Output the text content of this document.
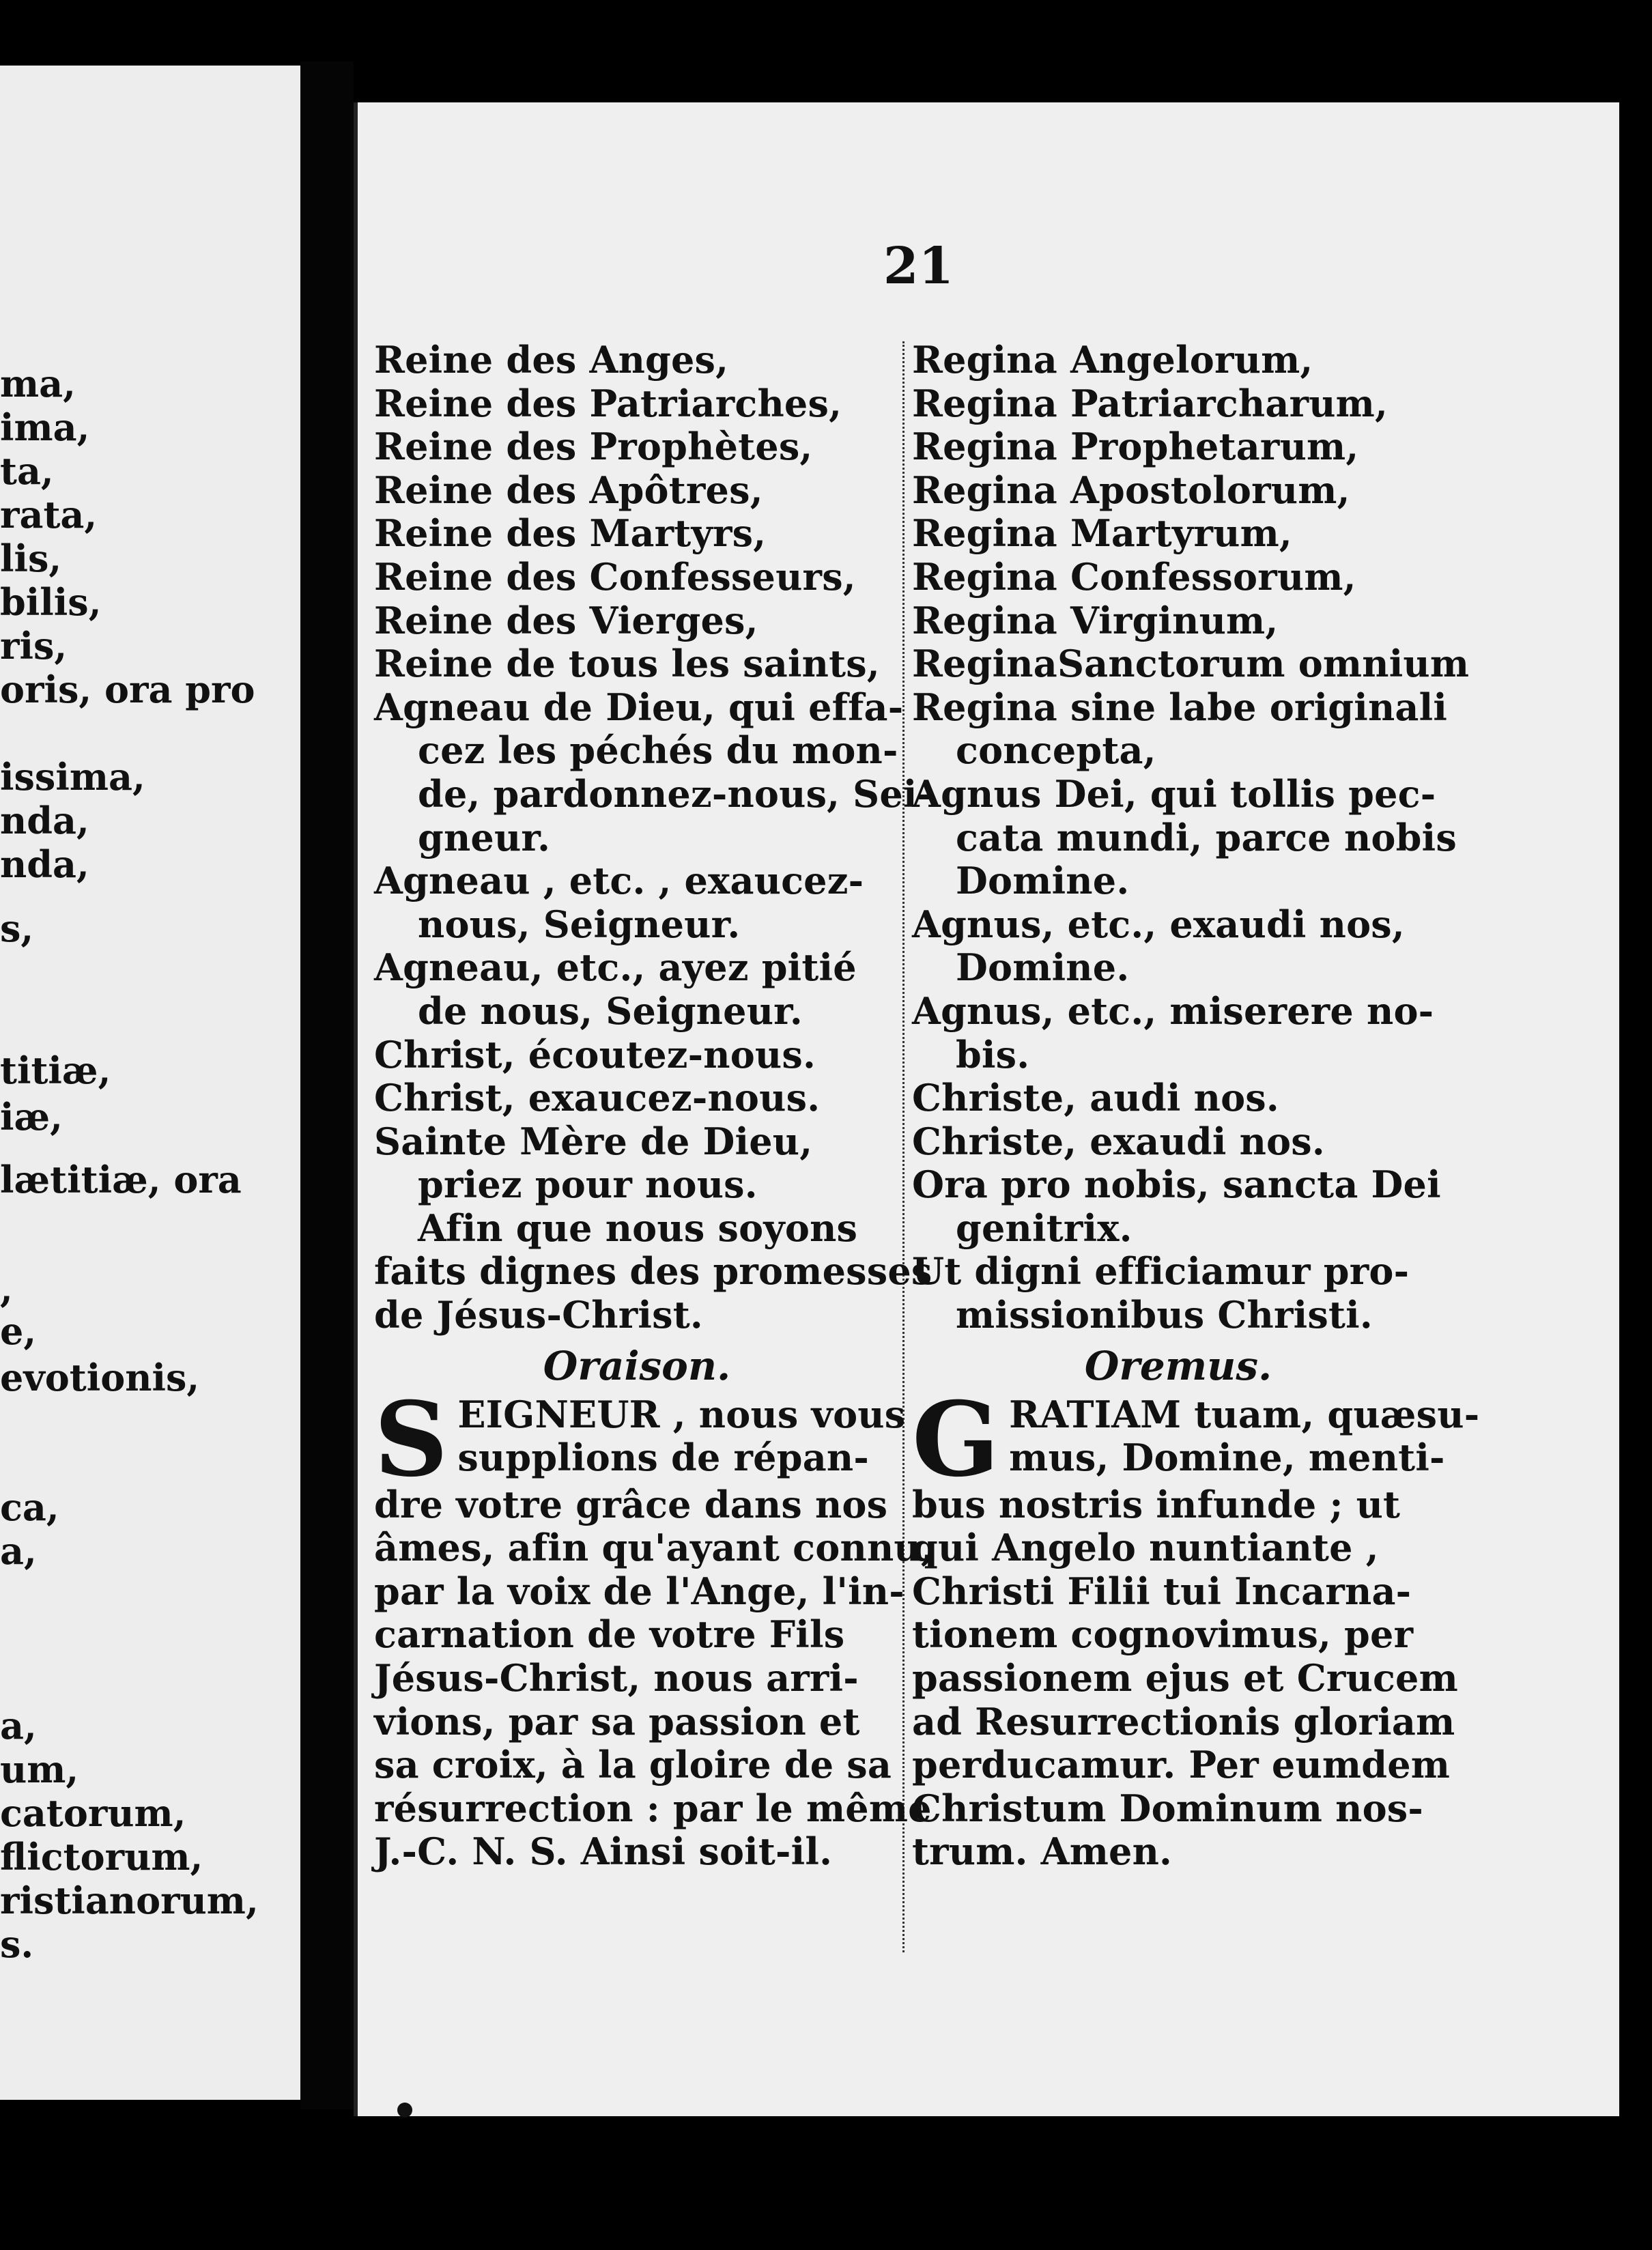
ma,
ima,
ta,
rata,
lis,
bilis,
ris,
oris, ora pro
issima,
nda,
nda,
s,
titiæ,
iæ,
lætitiæ, ora
,
e,
evotionis,
ca,
a,
a,
um,
catorum,
flictorum,
ristianorum,
s.
21
Reine des Anges,
Reine des Patriarches,
Reine des Prophètes,
Reine des Apôtres,
Reine des Martyrs,
Reine des Confesseurs,
Reine des Vierges,
Reine de tous les saints,
Agneau de Dieu, qui effa-
cez les péchés du mon-
de, pardonnez-nous, Sei-
gneur.
Agneau , etc. , exaucez-
nous, Seigneur.
Agneau, etc., ayez pitié
de nous, Seigneur.
Christ, écoutez-nous.
Christ, exaucez-nous.
Sainte Mère de Dieu,
priez pour nous.
Afin que nous soyons
faits dignes des promesses
de Jésus-Christ.
Oraison.
S EIGNEUR , nous vous
supplions de répan-
dre votre grâce dans nos
âmes, afin qu'ayant connu,
par la voix de l'Ange, l'in-
carnation de votre Fils
Jésus-Christ, nous arri-
vions, par sa passion et
sa croix, à la gloire de sa
résurrection : par le même
J.-C. N. S. Ainsi soit-il.
Regina Angelorum,
Regina Patriarcharum,
Regina Prophetarum,
Regina Apostolorum,
Regina Martyrum,
Regina Confessorum,
Regina Virginum,
ReginaSanctorum omnium
Regina sine labe originali
concepta,
Agnus Dei, qui tollis pec-
cata mundi, parce nobis
Domine.
Agnus, etc., exaudi nos,
Domine.
Agnus, etc., miserere no-
bis.
Christe, audi nos.
Christe, exaudi nos.
Ora pro nobis, sancta Dei
genitrix.
Ut digni efficiamur pro-
missionibus Christi.
Oremus.
G RATIAM tuam, quæsu-
mus, Domine, menti-
bus nostris infunde ; ut
qui Angelo nuntiante ,
Christi Filii tui Incarna-
tionem cognovimus, per
passionem ejus et Crucem
ad Resurrectionis gloriam
perducamur. Per eumdem
Christum Dominum nos-
trum. Amen.
